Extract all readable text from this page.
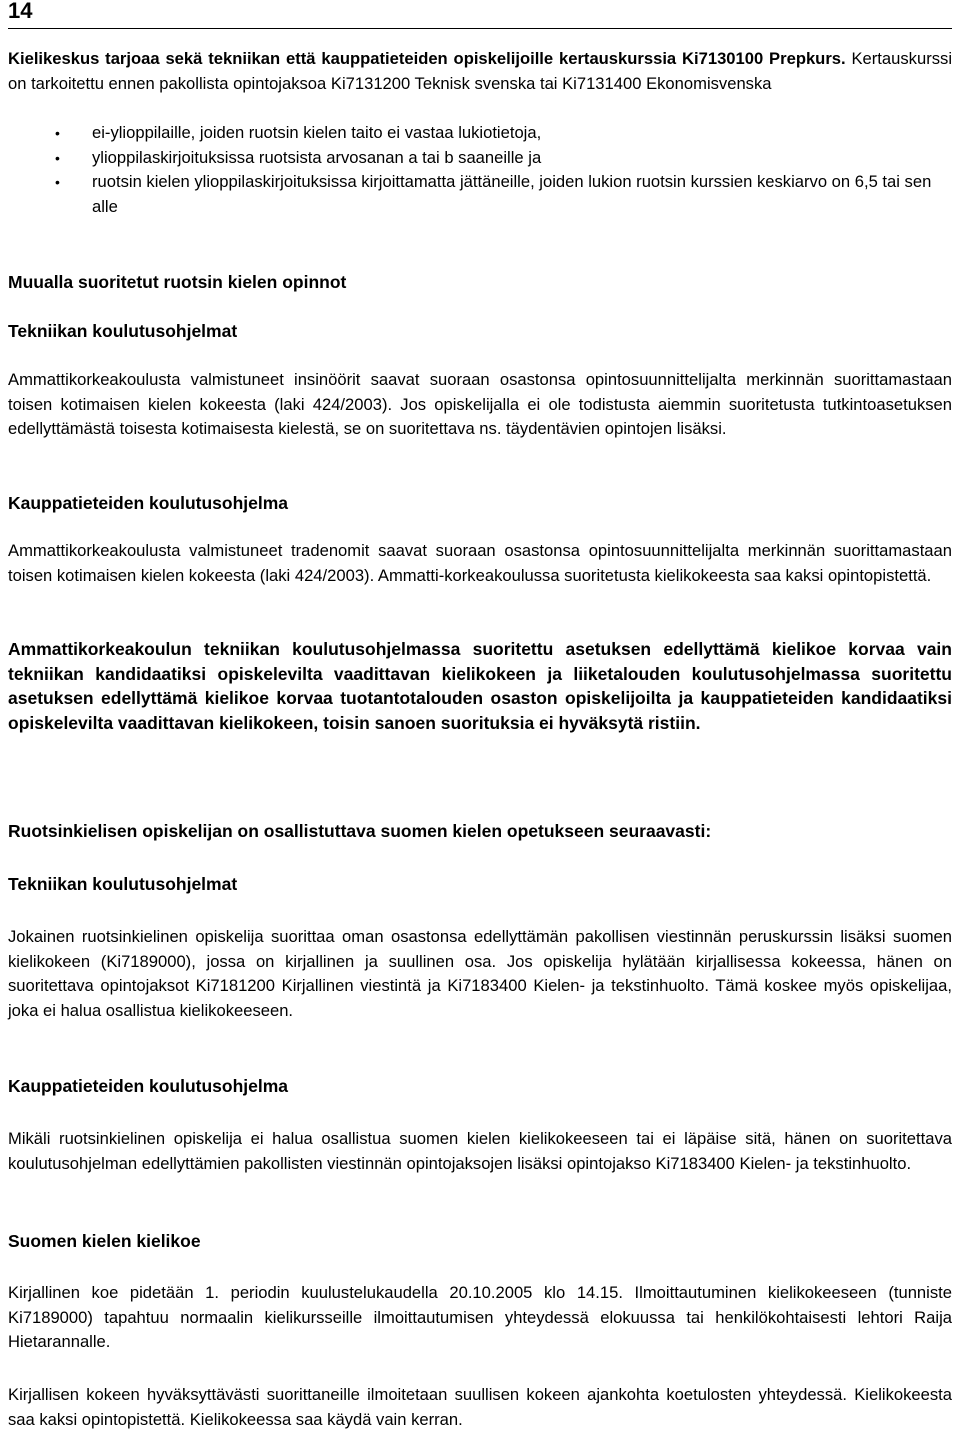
14

Kielikeskus tarjoaa sekä tekniikan että kauppatieteiden opiskelijoille kertauskurssia Ki7130100 Prepkurs. Kertauskurssi on tarkoitettu ennen pakollista opintojaksoa Ki7131200 Teknisk svenska tai Ki7131400 Ekonomisvenska

• ei-ylioppilaille, joiden ruotsin kielen taito ei vastaa lukiotietoja,
• ylioppilaskirjoituksissa ruotsista arvosanan a tai b saaneille ja
• ruotsin kielen ylioppilaskirjoituksissa kirjoittamatta jättäneille, joiden lukion ruotsin kurssien keskiarvo on 6,5 tai sen alle
Muualla suoritetut ruotsin kielen opinnot
Tekniikan koulutusohjelmat

Ammattikorkeakoulusta valmistuneet insinöörit saavat suoraan osastonsa opintosuunnittelijalta merkinnän suorittamastaan toisen kotimaisen kielen kokeesta (laki 424/2003). Jos opiskelijalla ei ole todistusta aiemmin suoritetusta tutkintoasetuksen edellyttämästä toisesta kotimaisesta kielestä, se on suoritettava ns. täydentävien opintojen lisäksi.

Kauppatieteiden koulutusohjelma

Ammattikorkeakoulusta valmistuneet tradenomit saavat suoraan osastonsa opintosuunnittelijalta merkinnän suorittamastaan toisen kotimaisen kielen kokeesta (laki 424/2003). Ammatti-korkeakoulussa suoritetusta kielikokeesta saa kaksi opintopistettä.

Ammattikorkeakoulun tekniikan koulutusohjelmassa suoritettu asetuksen edellyttämä kielikoe korvaa vain tekniikan kandidaatiksi opiskelevilta vaadittavan kielikokeen ja liiketalouden koulutusohjelmassa suoritettu asetuksen edellyttämä kielikoe korvaa tuotantotalouden osaston opiskelijoilta ja kauppatieteiden kandidaatiksi opiskelevilta vaadittavan kielikokeen, toisin sanoen suorituksia ei hyväksytä ristiin.

Ruotsinkielisen opiskelijan on osallistuttava suomen kielen opetukseen seuraavasti:
Tekniikan koulutusohjelmat

Jokainen ruotsinkielinen opiskelija suorittaa oman osastonsa edellyttämän pakollisen viestinnän peruskurssin lisäksi suomen kielikokeen (Ki7189000), jossa on kirjallinen ja suullinen osa. Jos opiskelija hylätään kirjallisessa kokeessa, hänen on suoritettava opintojaksot Ki7181200 Kirjallinen viestintä ja Ki7183400 Kielen- ja tekstinhuolto. Tämä koskee myös opiskelijaa, joka ei halua osallistua kielikokeeseen.

Kauppatieteiden koulutusohjelma

Mikäli ruotsinkielinen opiskelija ei halua osallistua suomen kielen kielikokeeseen tai ei läpäise sitä, hänen on suoritettava koulutusohjelman edellyttämien pakollisten viestinnän opintojaksojen lisäksi opintojakso Ki7183400 Kielen- ja tekstinhuolto.

Suomen kielen kielikoe

Kirjallinen koe pidetään 1. periodin kuulustelukaudella 20.10.2005 klo 14.15. Ilmoittautuminen kielikokeeseen (tunniste Ki7189000) tapahtuu normaalin kielikursseille ilmoittautumisen yhteydessä elokuussa tai henkilökohtaisesti lehtori Raija Hietarannalle.

Kirjallisen kokeen hyväksyttävästi suorittaneille ilmoitetaan suullisen kokeen ajankohta koetulosten yhteydessä. Kielikokeesta saa kaksi opintopistettä. Kielikokeessa saa käydä vain kerran.
